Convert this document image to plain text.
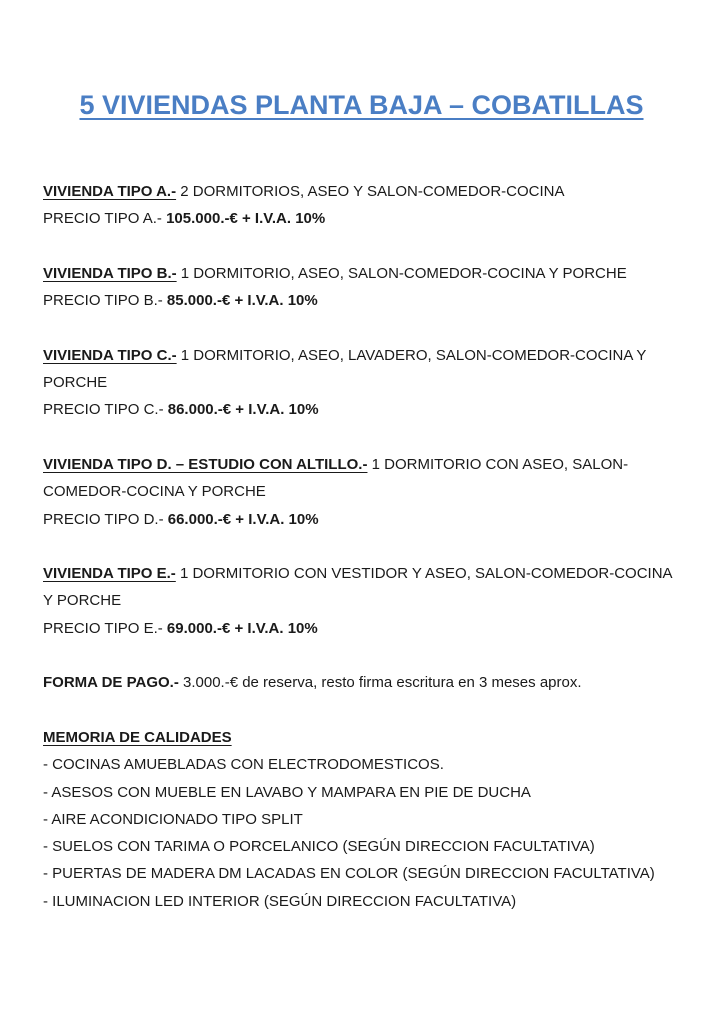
5 VIVIENDAS PLANTA BAJA – COBATILLAS
VIVIENDA TIPO A.- 2 DORMITORIOS, ASEO Y SALON-COMEDOR-COCINA
PRECIO TIPO A.- 105.000.-€ + I.V.A. 10%
VIVIENDA TIPO B.- 1 DORMITORIO, ASEO, SALON-COMEDOR-COCINA Y PORCHE
PRECIO TIPO B.- 85.000.-€ + I.V.A. 10%
VIVIENDA TIPO C.- 1 DORMITORIO, ASEO, LAVADERO, SALON-COMEDOR-COCINA Y
PORCHE
PRECIO TIPO C.- 86.000.-€ + I.V.A. 10%
VIVIENDA TIPO D. – ESTUDIO CON ALTILLO.- 1 DORMITORIO CON ASEO, SALON-
COMEDOR-COCINA Y PORCHE
PRECIO TIPO D.- 66.000.-€ + I.V.A. 10%
VIVIENDA TIPO E.- 1 DORMITORIO CON VESTIDOR Y ASEO, SALON-COMEDOR-COCINA
Y PORCHE
PRECIO TIPO E.- 69.000.-€ + I.V.A. 10%
FORMA DE PAGO.- 3.000.-€ de reserva, resto firma escritura en 3 meses aprox.
MEMORIA DE CALIDADES
- COCINAS AMUEBLADAS CON ELECTRODOMESTICOS.
- ASESOS CON MUEBLE EN LAVABO Y MAMPARA EN PIE DE DUCHA
- AIRE ACONDICIONADO TIPO SPLIT
- SUELOS CON TARIMA O PORCELANICO (SEGÚN DIRECCION FACULTATIVA)
- PUERTAS DE MADERA DM LACADAS EN COLOR (SEGÚN DIRECCION FACULTATIVA)
- ILUMINACION LED INTERIOR (SEGÚN DIRECCION FACULTATIVA)
